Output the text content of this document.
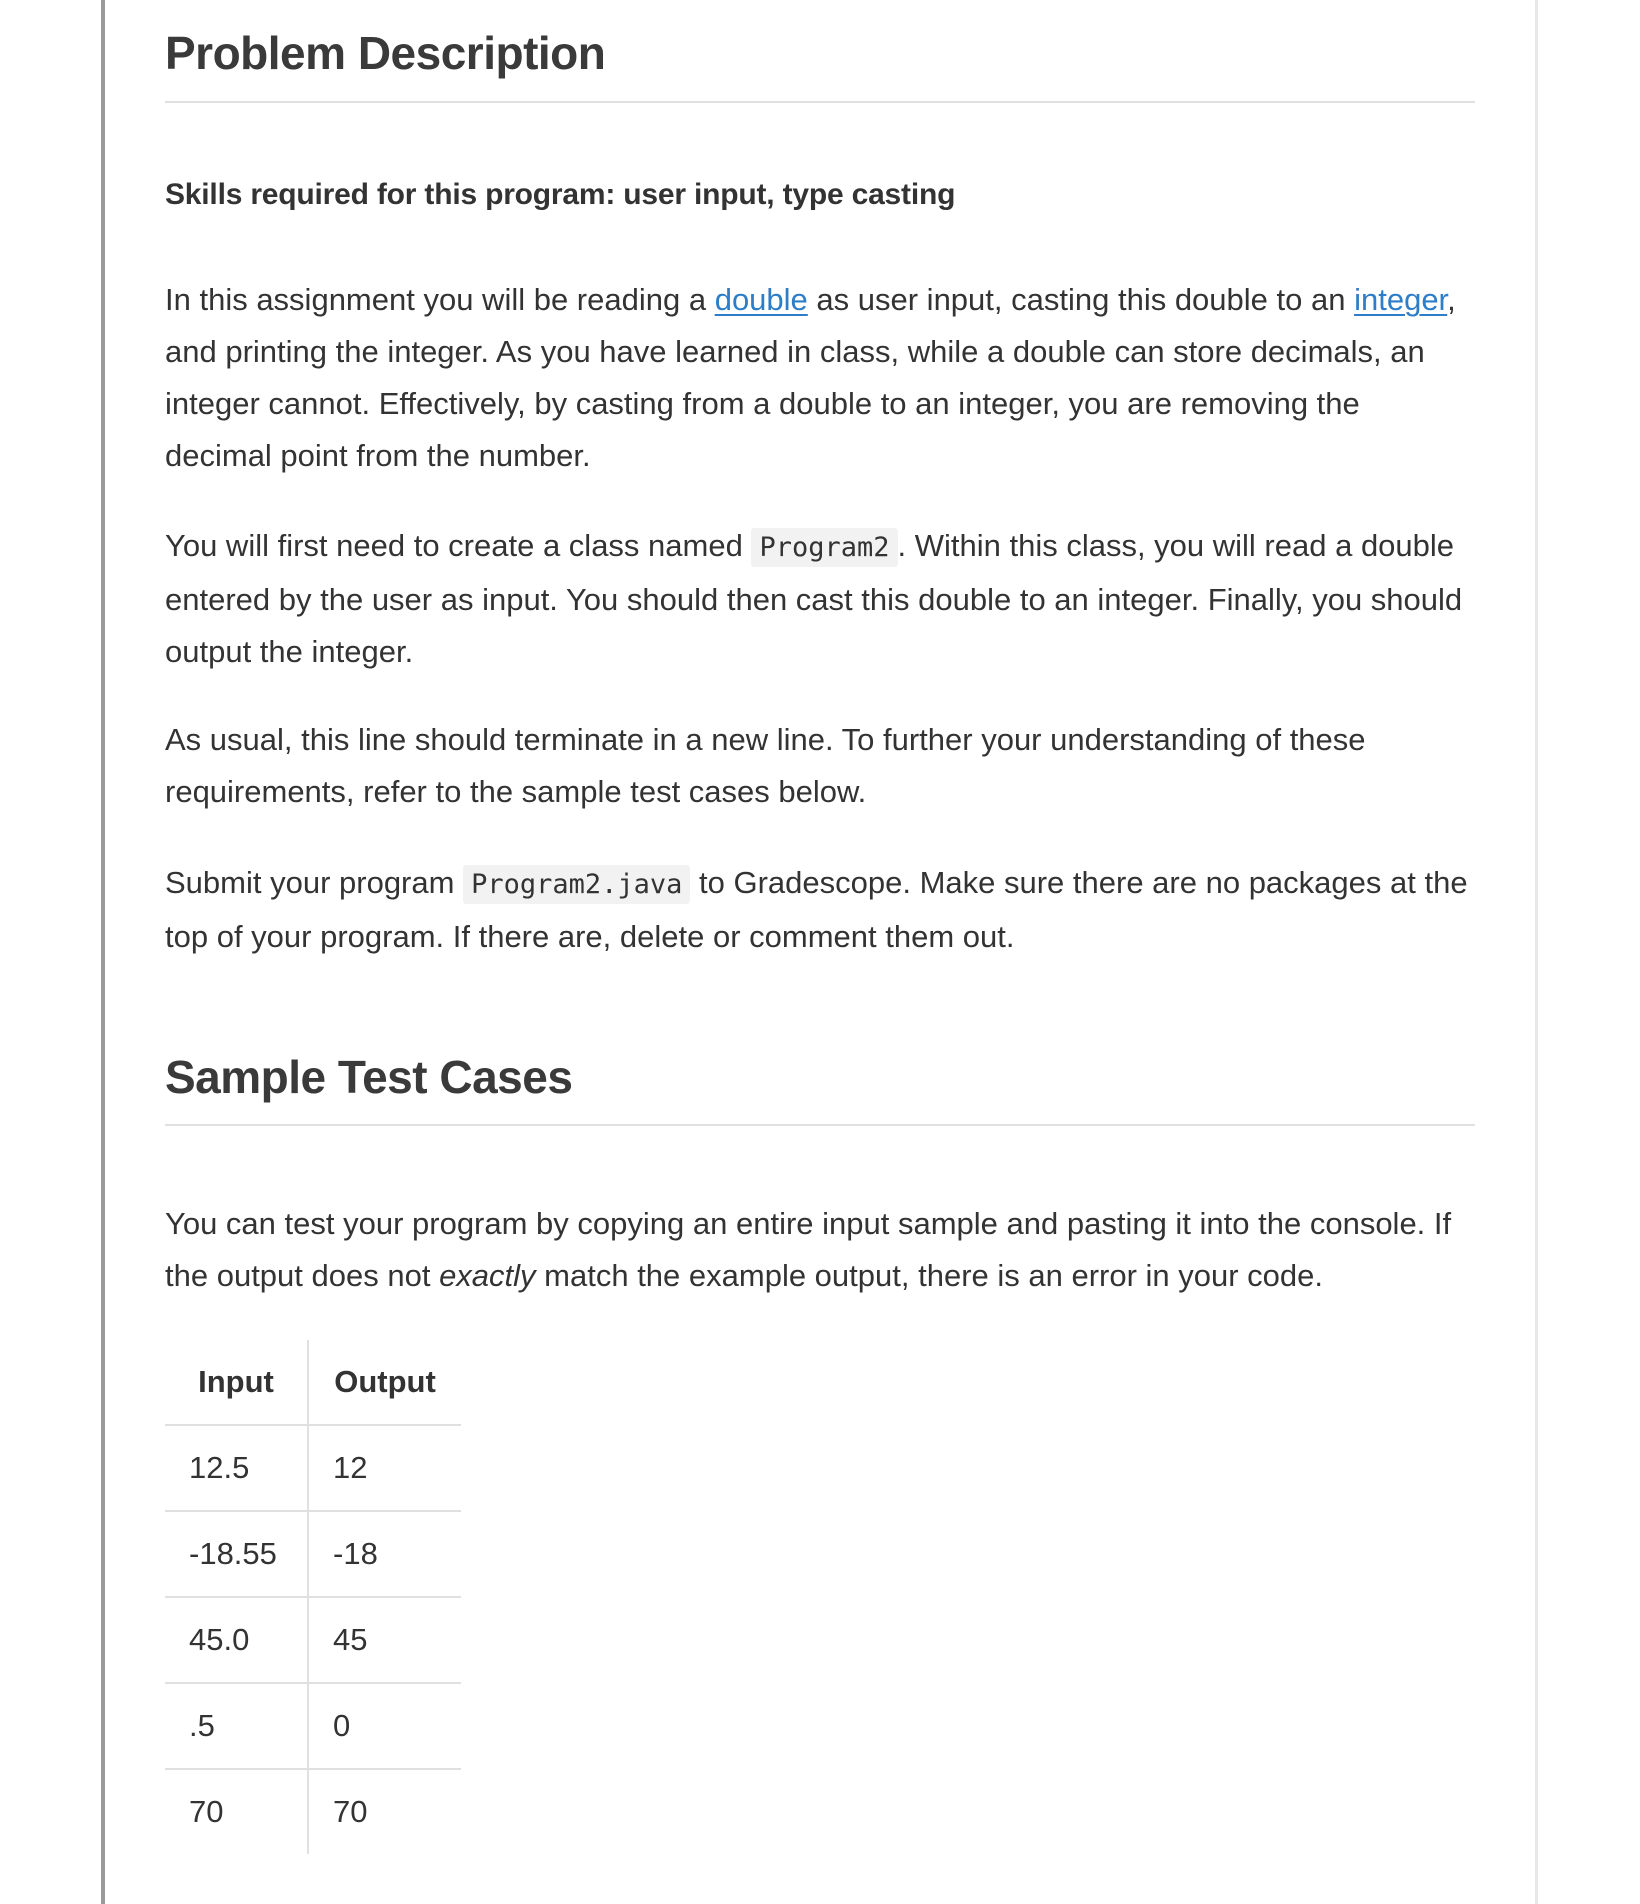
Problem Description

Skills required for this program: user input, type casting

In this assignment you will be reading a double as user input, casting this double to an integer, and printing the integer. As you have learned in class, while a double can store decimals, an integer cannot. Effectively, by casting from a double to an integer, you are removing the decimal point from the number.

You will first need to create a class named Program2 . Within this class, you will read a double entered by the user as input. You should then cast this double to an integer. Finally, you should output the integer.

As usual, this line should terminate in a new line. To further your understanding of these requirements, refer to the sample test cases below.

Submit your program Program2.java to Gradescope. Make sure there are no packages at the top of your program. If there are, delete or comment them out.

Sample Test Cases

You can test your program by copying an entire input sample and pasting it into the console. If the output does not exactly match the example output, there is an error in your code.

Input	Output
12.5	12
-18.55	-18
45.0	45
.5	0
70	70
